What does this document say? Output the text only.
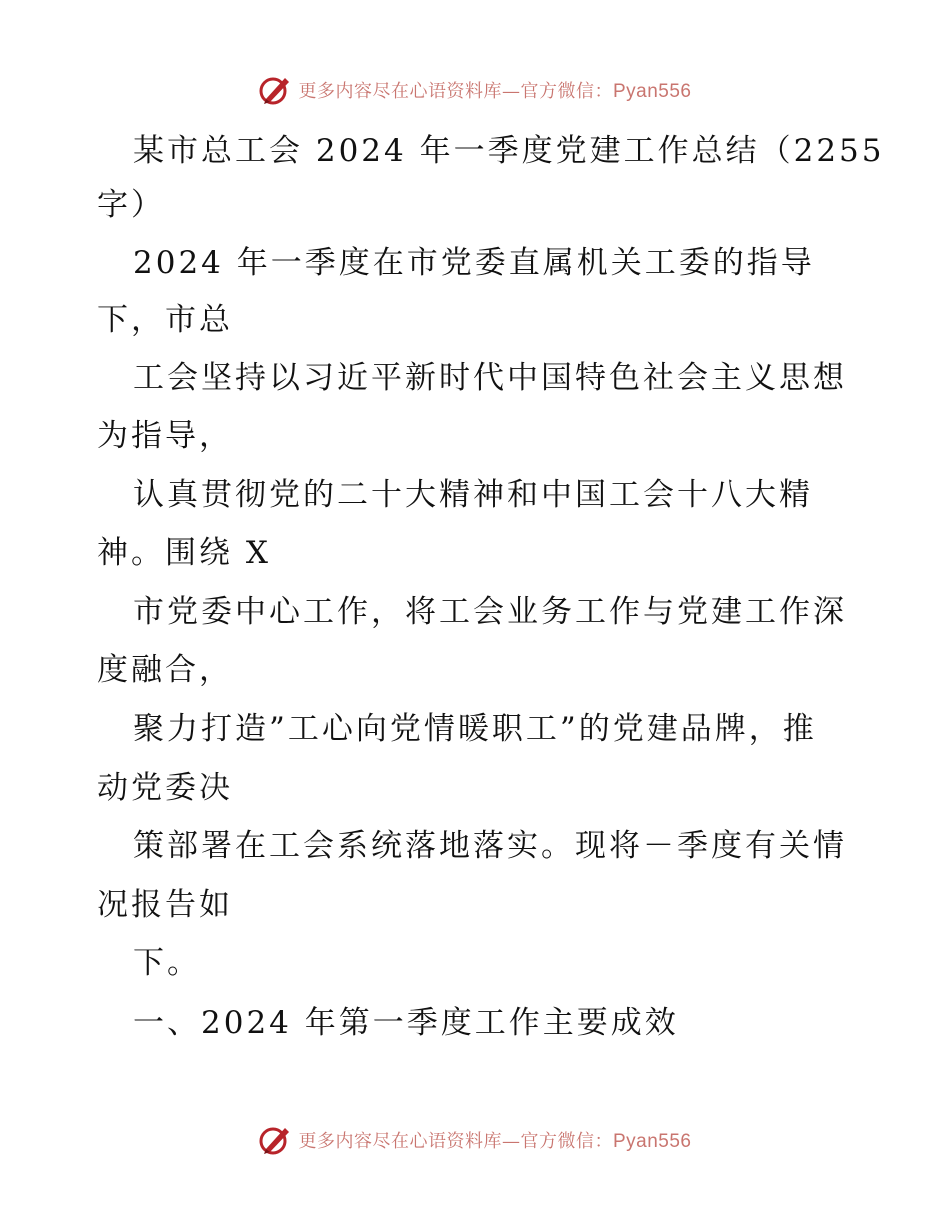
更多内容尽在心语资料库—官方微信：Pyan556
某市总工会 2024 年一季度党建工作总结（2255
字）
2024 年一季度在市党委直属机关工委的指导
下，市总
工会坚持以习近平新时代中国特色社会主义思想
为指导，
认真贯彻党的二十大精神和中国工会十八大精
神。围绕 X
市党委中心工作，将工会业务工作与党建工作深
度融合，
聚力打造”工心向党情暖职工”的党建品牌，推
动党委决
策部署在工会系统落地落实。现将－季度有关情
况报告如
下。
一、2024 年第一季度工作主要成效
更多内容尽在心语资料库—官方微信：Pyan556
